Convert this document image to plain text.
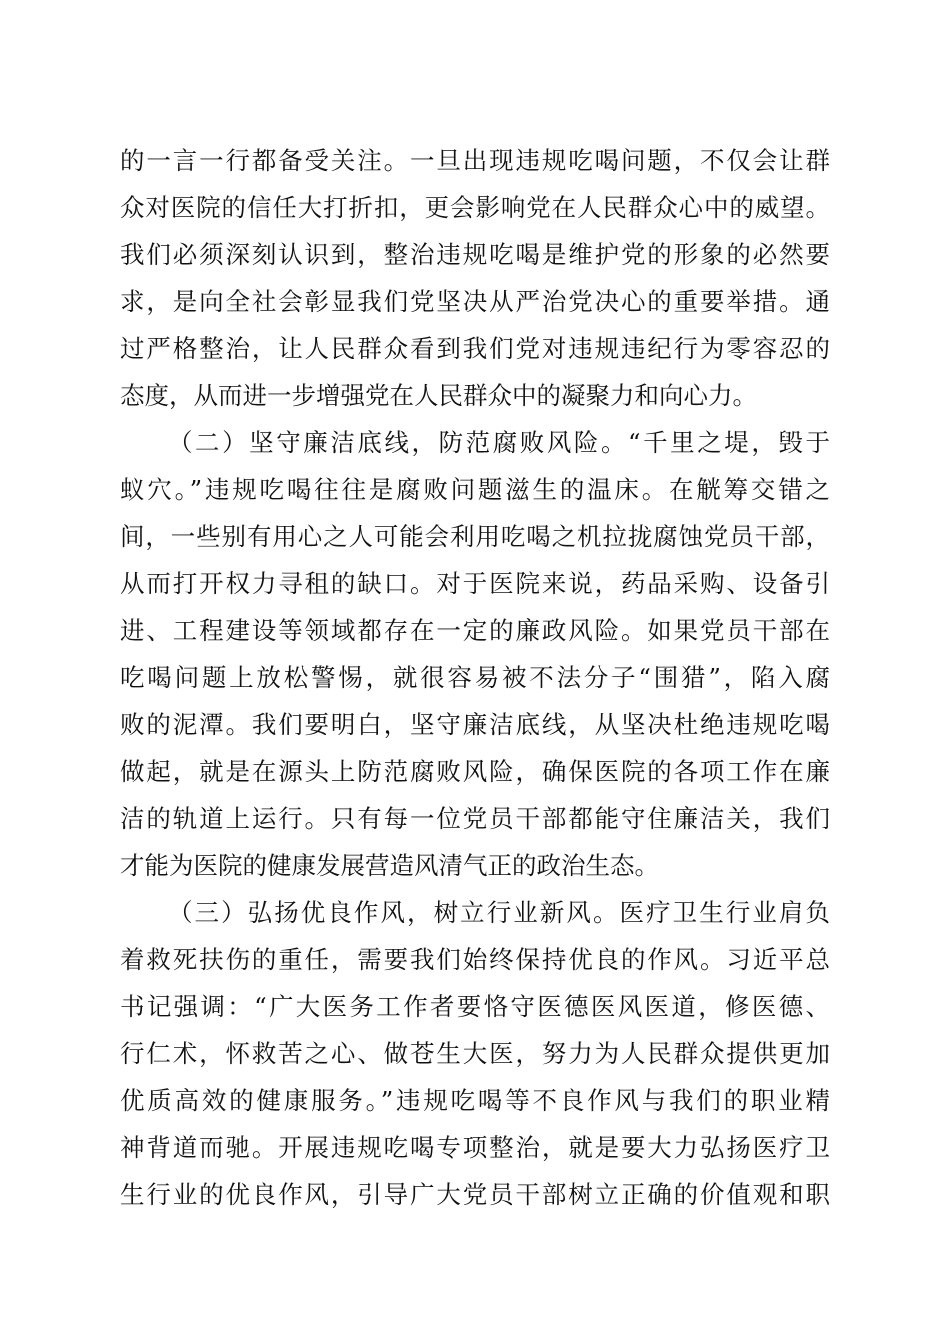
的一言一行都备受关注。一旦出现违规吃喝问题，不仅会让群
众对医院的信任大打折扣，更会影响党在人民群众心中的威望。
我们必须深刻认识到，整治违规吃喝是维护党的形象的必然要
求，是向全社会彰显我们党坚决从严治党决心的重要举措。通
过严格整治，让人民群众看到我们党对违规违纪行为零容忍的
态度，从而进一步增强党在人民群众中的凝聚力和向心力。
（二）坚守廉洁底线，防范腐败风险。“千里之堤，毁于
蚁穴。”违规吃喝往往是腐败问题滋生的温床。在觥筹交错之
间，一些别有用心之人可能会利用吃喝之机拉拢腐蚀党员干部，
从而打开权力寻租的缺口。对于医院来说，药品采购、设备引
进、工程建设等领域都存在一定的廉政风险。如果党员干部在
吃喝问题上放松警惕，就很容易被不法分子“围猎”，陷入腐
败的泥潭。我们要明白，坚守廉洁底线，从坚决杜绝违规吃喝
做起，就是在源头上防范腐败风险，确保医院的各项工作在廉
洁的轨道上运行。只有每一位党员干部都能守住廉洁关，我们
才能为医院的健康发展营造风清气正的政治生态。
（三）弘扬优良作风，树立行业新风。医疗卫生行业肩负
着救死扶伤的重任，需要我们始终保持优良的作风。习近平总
书记强调：“广大医务工作者要恪守医德医风医道，修医德、
行仁术，怀救苦之心、做苍生大医，努力为人民群众提供更加
优质高效的健康服务。”违规吃喝等不良作风与我们的职业精
神背道而驰。开展违规吃喝专项整治，就是要大力弘扬医疗卫
生行业的优良作风，引导广大党员干部树立正确的价值观和职
